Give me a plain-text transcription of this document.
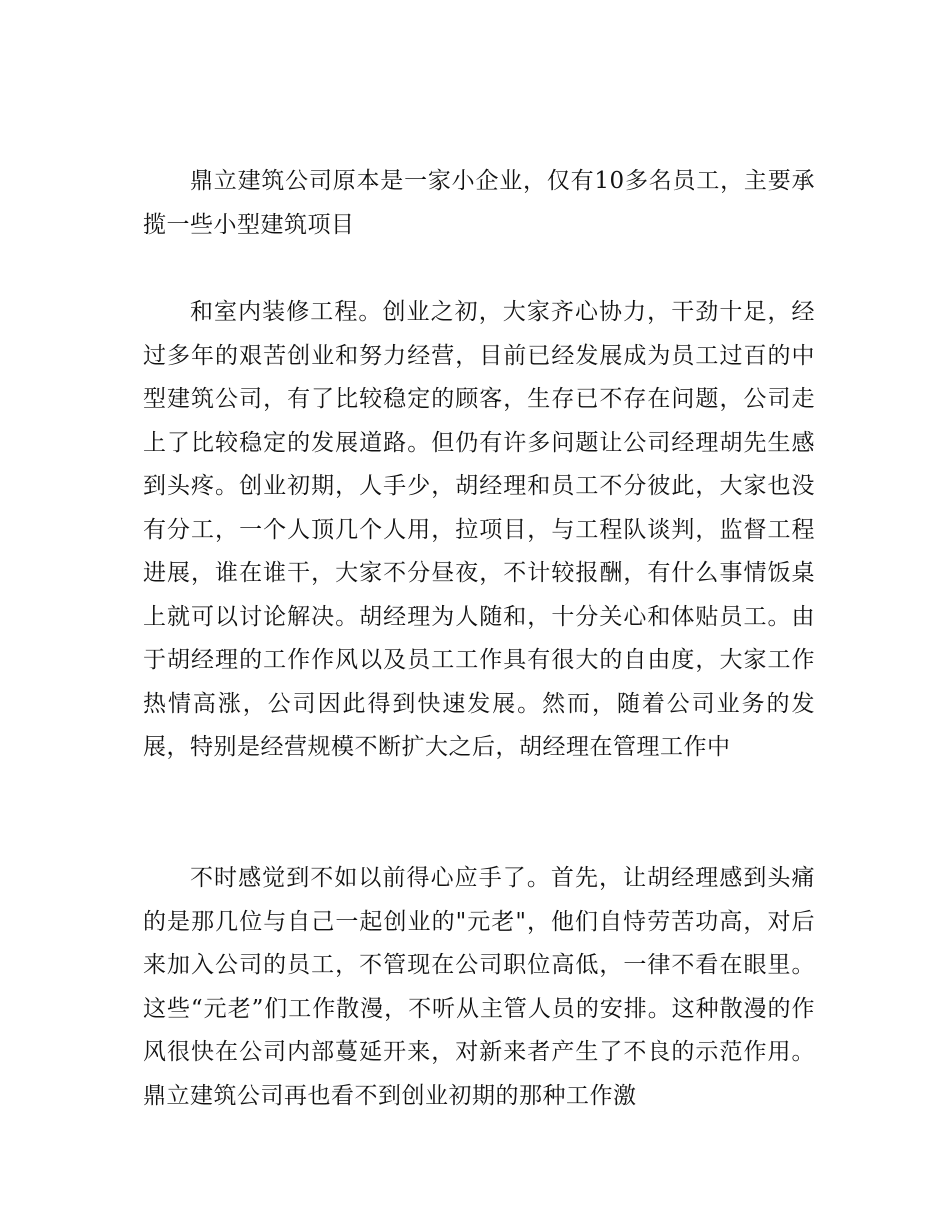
鼎立建筑公司原本是一家小企业，仅有10多名员工，主要承揽一些小型建筑项目

和室内装修工程。创业之初，大家齐心协力，干劲十足，经过多年的艰苦创业和努力经营，目前已经发展成为员工过百的中型建筑公司，有了比较稳定的顾客，生存已不存在问题，公司走上了比较稳定的发展道路。但仍有许多问题让公司经理胡先生感到头疼。创业初期，人手少，胡经理和员工不分彼此，大家也没有分工，一个人顶几个人用，拉项目，与工程队谈判，监督工程进展，谁在谁干，大家不分昼夜，不计较报酬，有什么事情饭桌上就可以讨论解决。胡经理为人随和，十分关心和体贴员工。由于胡经理的工作作风以及员工工作具有很大的自由度，大家工作热情高涨，公司因此得到快速发展。然而，随着公司业务的发展，特别是经营规模不断扩大之后，胡经理在管理工作中

不时感觉到不如以前得心应手了。首先，让胡经理感到头痛的是那几位与自己一起创业的"元老"，他们自恃劳苦功高，对后来加入公司的员工，不管现在公司职位高低，一律不看在眼里。这些“元老”们工作散漫，不听从主管人员的安排。这种散漫的作风很快在公司内部蔓延开来，对新来者产生了不良的示范作用。鼎立建筑公司再也看不到创业初期的那种工作激
